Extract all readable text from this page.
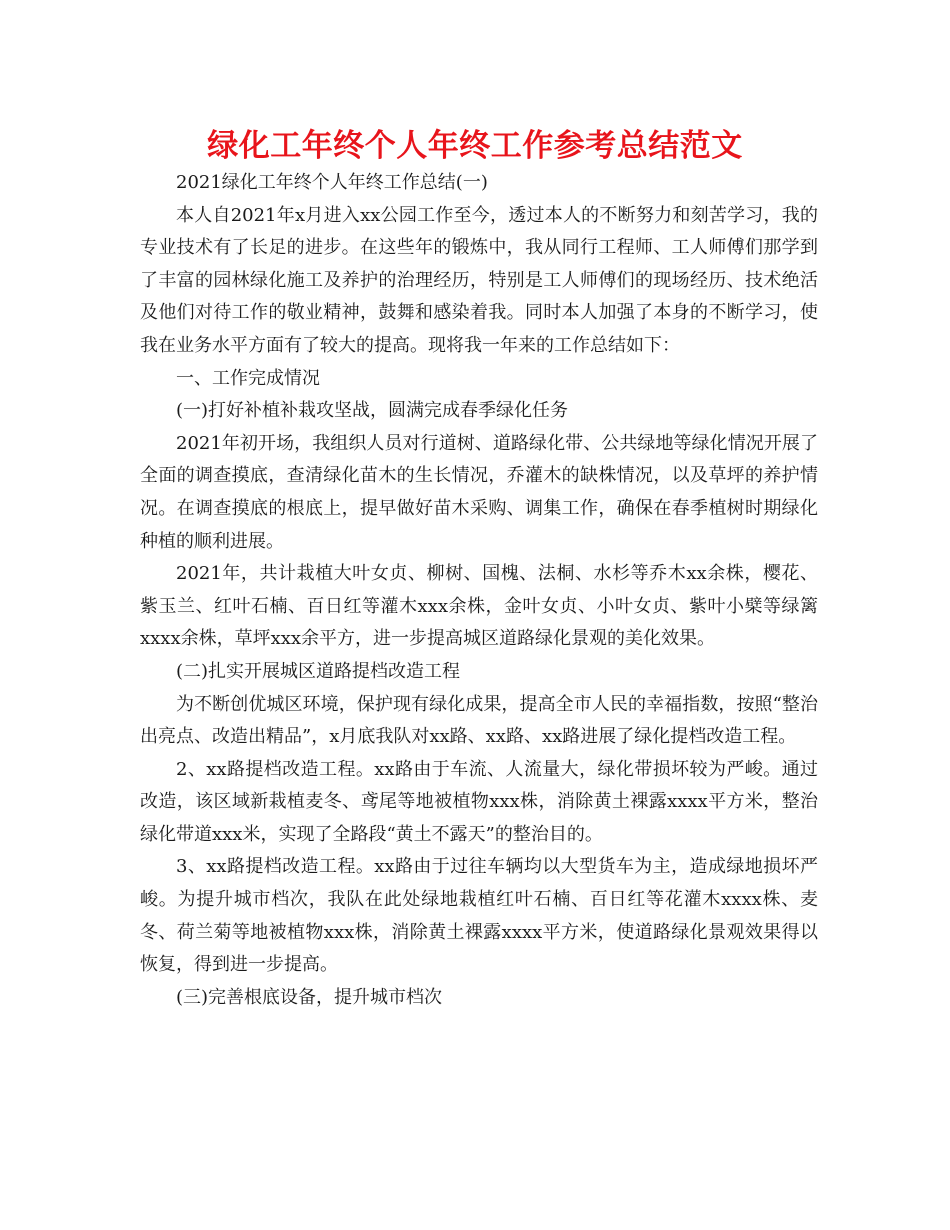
绿化工年终个人年终工作参考总结范文

2021绿化工年终个人年终工作总结(一)

本人自2021年x月进入xx公园工作至今，透过本人的不断努力和刻苦学习，我的专业技术有了长足的进步。在这些年的锻炼中，我从同行工程师、工人师傅们那学到了丰富的园林绿化施工及养护的治理经历，特别是工人师傅们的现场经历、技术绝活及他们对待工作的敬业精神，鼓舞和感染着我。同时本人加强了本身的不断学习，使我在业务水平方面有了较大的提高。现将我一年来的工作总结如下：

一、工作完成情况

(一)打好补植补栽攻坚战，圆满完成春季绿化任务

2021年初开场，我组织人员对行道树、道路绿化带、公共绿地等绿化情况开展了全面的调查摸底，查清绿化苗木的生长情况，乔灌木的缺株情况，以及草坪的养护情况。在调查摸底的根底上，提早做好苗木采购、调集工作，确保在春季植树时期绿化种植的顺利进展。

2021年，共计栽植大叶女贞、柳树、国槐、法桐、水杉等乔木xx余株，樱花、紫玉兰、红叶石楠、百日红等灌木xxx余株，金叶女贞、小叶女贞、紫叶小檗等绿篱xxxx余株，草坪xxx余平方，进一步提高城区道路绿化景观的美化效果。

(二)扎实开展城区道路提档改造工程

为不断创优城区环境，保护现有绿化成果，提高全市人民的幸福指数，按照“整治出亮点、改造出精品”，x月底我队对xx路、xx路、xx路进展了绿化提档改造工程。

2、xx路提档改造工程。xx路由于车流、人流量大，绿化带损坏较为严峻。通过改造，该区域新栽植麦冬、鸢尾等地被植物xxx株，消除黄土裸露xxxx平方米，整治绿化带道xxx米，实现了全路段“黄土不露天”的整治目的。

3、xx路提档改造工程。xx路由于过往车辆均以大型货车为主，造成绿地损坏严峻。为提升城市档次，我队在此处绿地栽植红叶石楠、百日红等花灌木xxxx株、麦冬、荷兰菊等地被植物xxx株，消除黄土裸露xxxx平方米，使道路绿化景观效果得以恢复，得到进一步提高。

(三)完善根底设备，提升城市档次
